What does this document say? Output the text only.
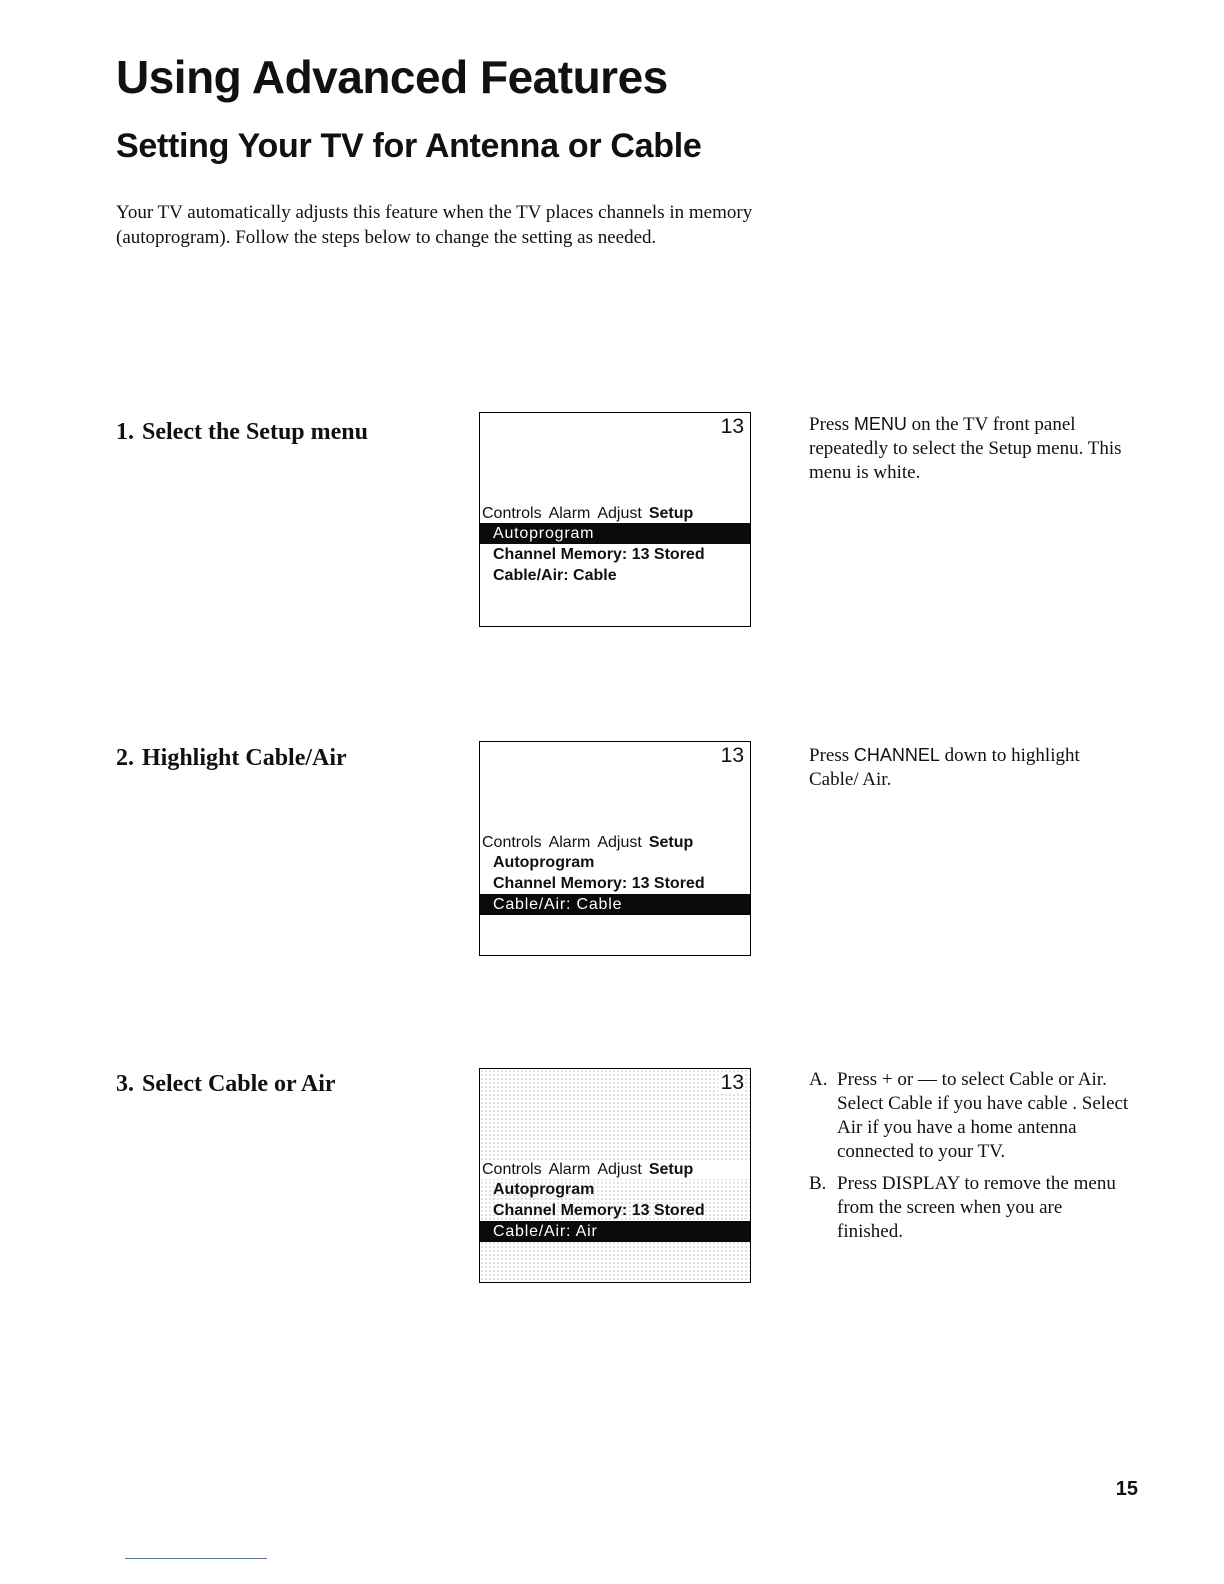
Using Advanced Features
Setting Your TV for Antenna or Cable

Your TV automatically adjusts this feature when the TV places channels in memory (autoprogram). Follow the steps below to change the setting as needed.

1. Select the Setup menu	13
Controls Alarm Adjust Setup
Autoprogram
Channel Memory: 13 Stored
Cable/Air: Cable

Press MENU on the TV front panel repeatedly to select the Setup menu. This menu is white.

2. Highlight Cable/Air	13
Controls Alarm Adjust Setup
Autoprogram
Channel Memory: 13 Stored
Cable/Air: Cable

Press CHANNEL down to highlight Cable/ Air.

3. Select Cable or Air	13
Controls Alarm Adjust Setup
Autoprogram
Channel Memory: 13 Stored
Cable/Air: Air
A. Press + or — to select Cable or Air. Select Cable if you have cable . Select Air if you have a home antenna connected to your TV.
B. Press DISPLAY to remove the menu from the screen when you are finished.
15
